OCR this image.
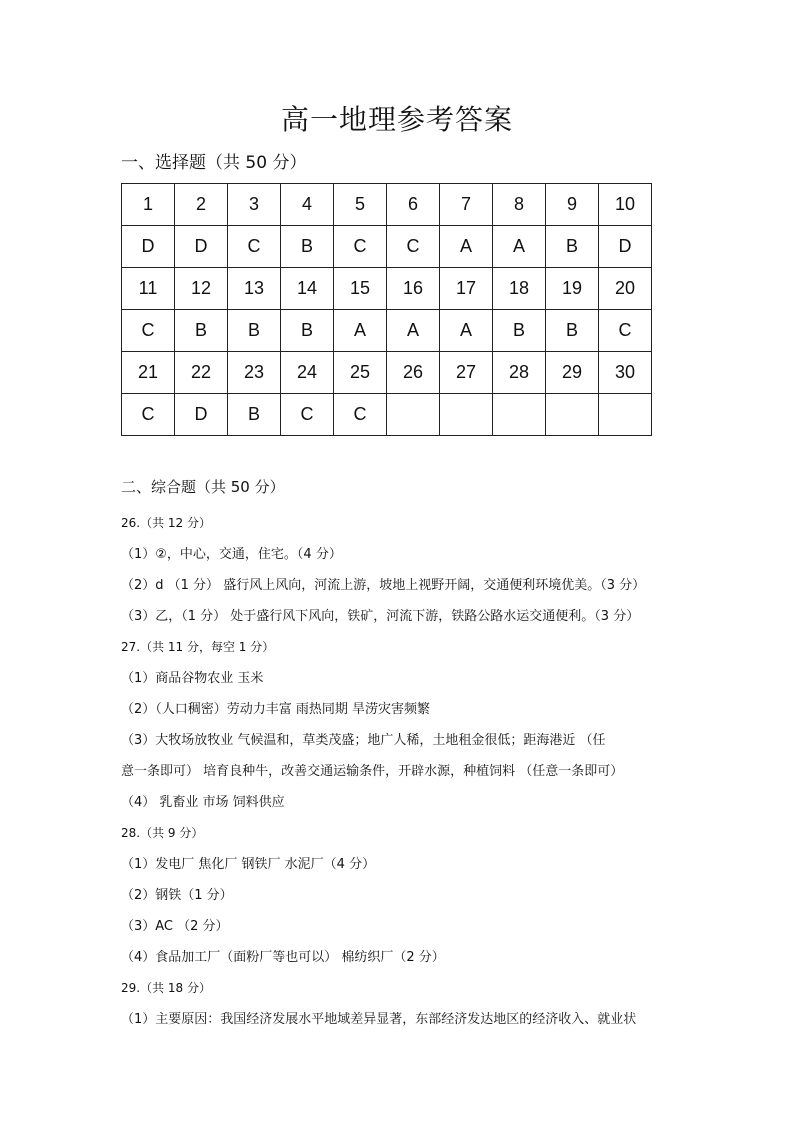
高一地理参考答案
一、选择题（共 50 分）
1	2	3	4	5	6	7	8	9	10
D	D	C	B	C	C	A	A	B	D
11	12	13	14	15	16	17	18	19	20
C	B	B	B	A	A	A	B	B	C
21	22	23	24	25	26	27	28	29	30
C	D	B	C	C					
二、综合题（共 50 分）
26.（共 12 分）
（1）②，中心，交通，住宅。（4 分）
（2）d （1 分） 盛行风上风向，河流上游，坡地上视野开阔，交通便利环境优美。（3 分）
（3）乙，（1 分） 处于盛行风下风向，铁矿，河流下游，铁路公路水运交通便利。（3 分）
27.（共 11 分，每空 1 分）
（1）商品谷物农业 玉米
（2）（人口稠密）劳动力丰富 雨热同期 旱涝灾害频繁
（3）大牧场放牧业 气候温和，草类茂盛；地广人稀，土地租金很低；距海港近 （任
意一条即可） 培育良种牛，改善交通运输条件，开辟水源，种植饲料 （任意一条即可）
（4） 乳畜业 市场 饲料供应
28.（共 9 分）
（1）发电厂 焦化厂 钢铁厂 水泥厂（4 分）
（2）钢铁（1 分）
（3）AC （2 分）
（4）食品加工厂（面粉厂等也可以） 棉纺织厂（2 分）
29.（共 18 分）
（1）主要原因：我国经济发展水平地域差异显著，东部经济发达地区的经济收入、就业状
